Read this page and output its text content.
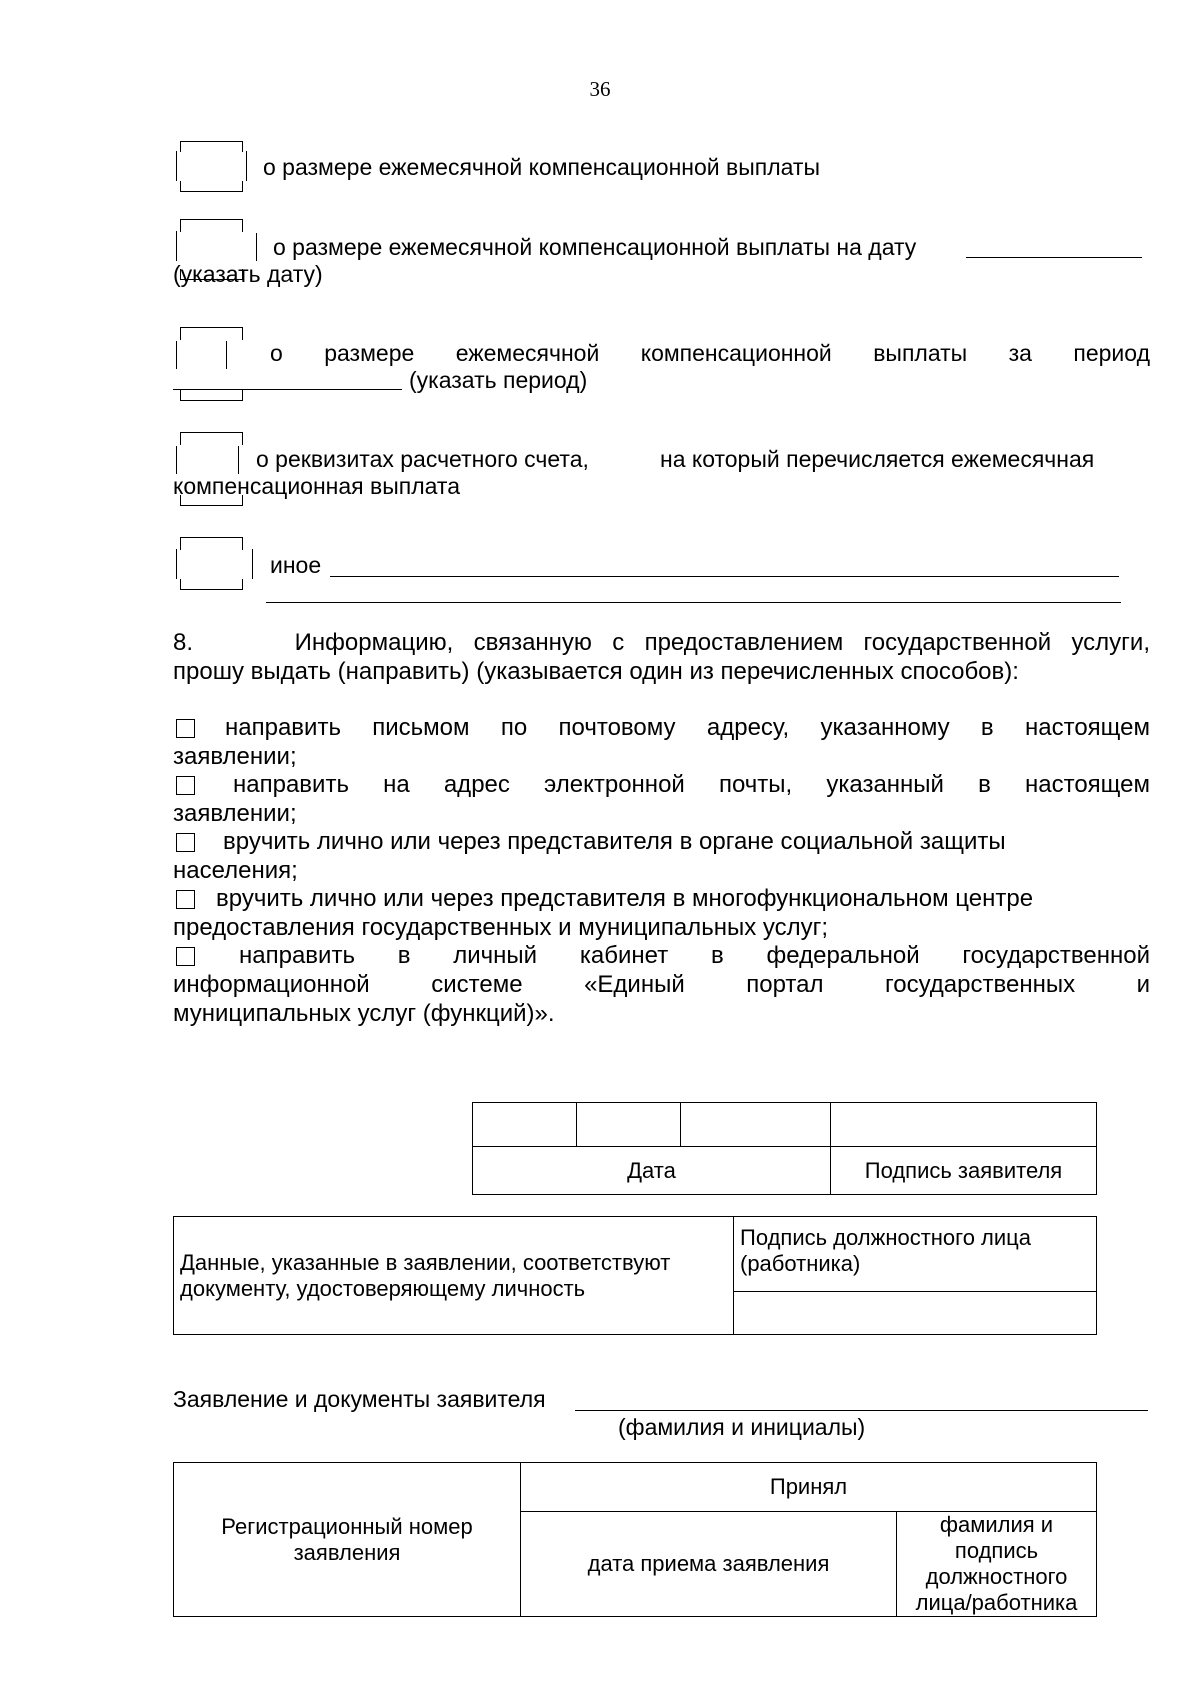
36
о размере ежемесячной компенсационной выплаты
о размере ежемесячной компенсационной выплаты на дату
(указать дату)
о размере ежемесячной компенсационной выплаты за период
(указать период)
о реквизитах расчетного счета,	на который перечисляется ежемесячная
компенсационная выплата
иное
8.	Информацию, связанную с предоставлением государственной услуги,
прошу выдать (направить) (указывается один из перечисленных способов):
направить письмом по почтовому адресу, указанному в настоящем
заявлении;
направить на адрес электронной почты, указанный в настоящем
заявлении;
вручить лично или через представителя в органе социальной защиты
населения;
вручить лично или через представителя в многофункциональном центре
предоставления государственных и муниципальных услуг;
направить в личный кабинет в федеральной государственной
информационной системе «Единый портал государственных и
муниципальных услуг (функций)».

Дата			Подпись заявителя
Данные, указанные в заявлении, соответствуют документу, удостоверяющему личность	Подпись должностного лица (работника)

Заявление и документы заявителя
(фамилия и инициалы)
Регистрационный номер заявления	Принял	
	дата приема заявления	фамилия и подпись должностного лица/работника
